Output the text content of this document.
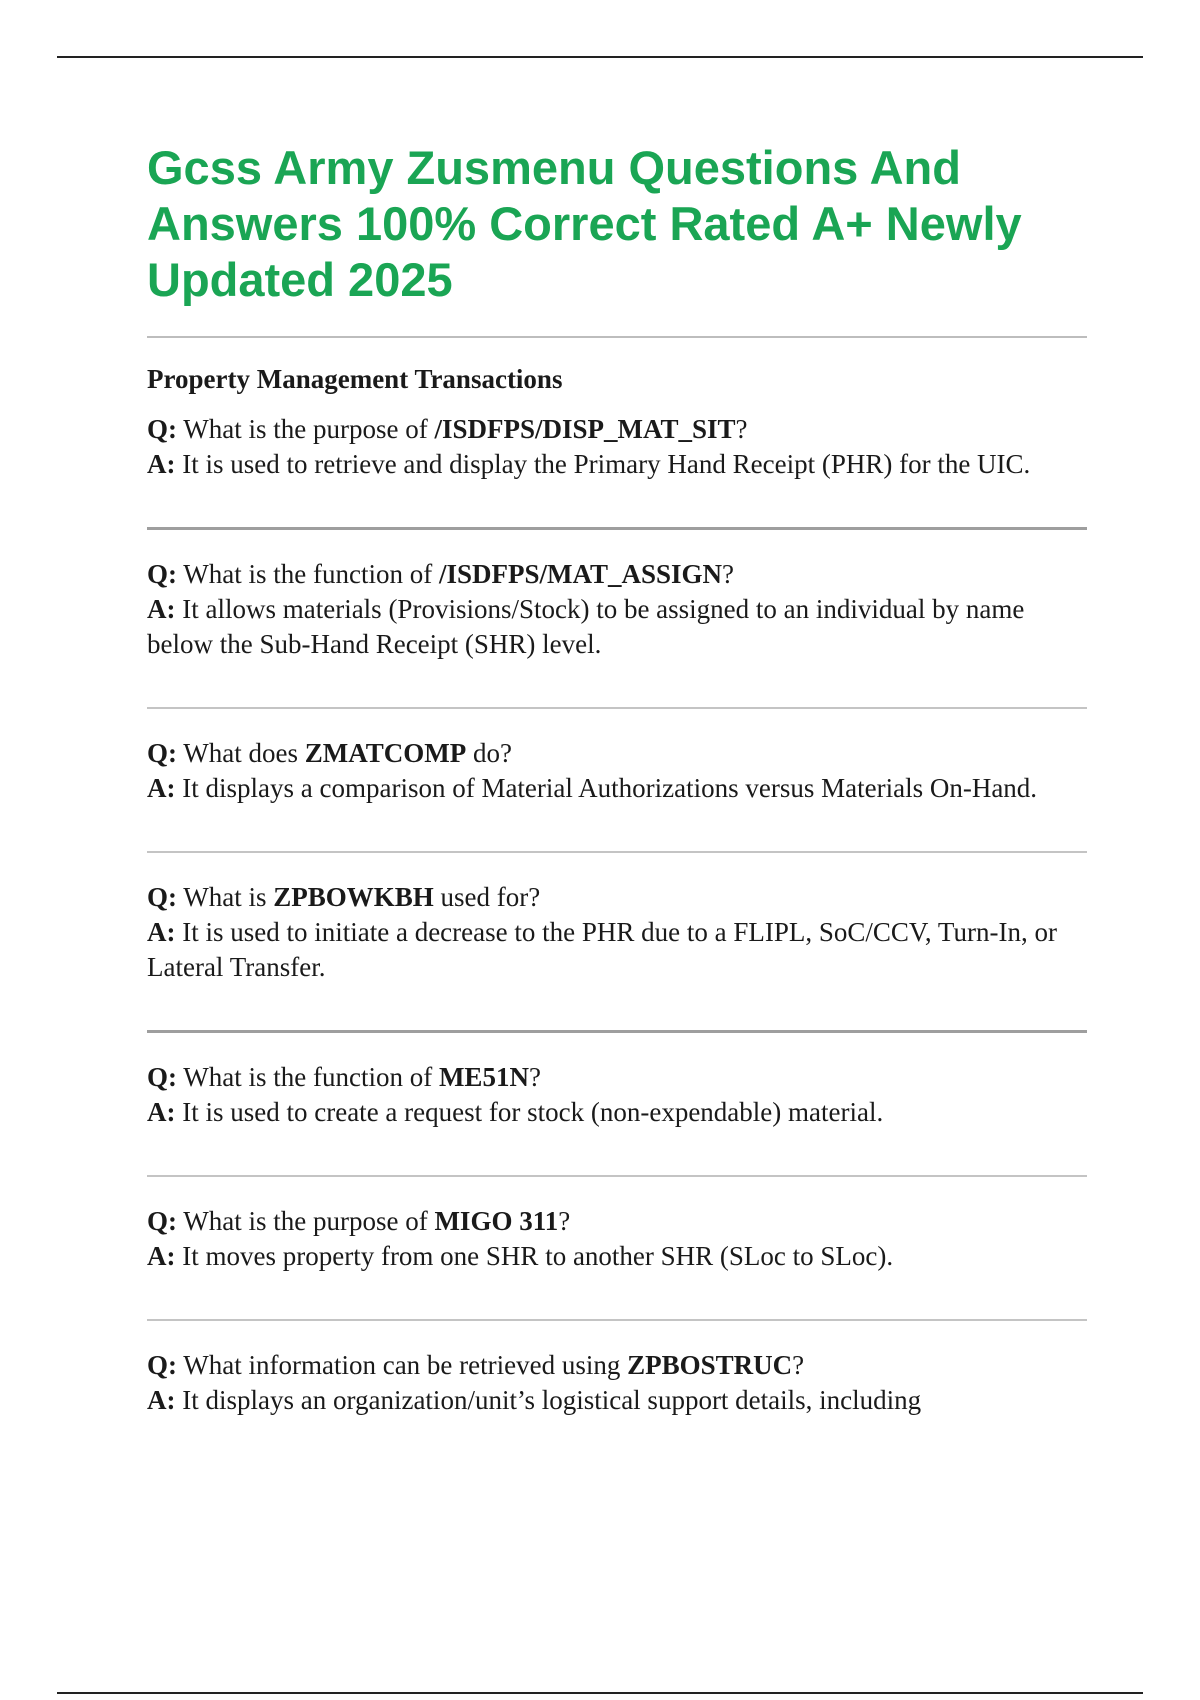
Gcss Army Zusmenu Questions And Answers 100% Correct Rated A+ Newly Updated 2025
Property Management Transactions

Q: What is the purpose of /ISDFPS/DISP_MAT_SIT?

A: It is used to retrieve and display the Primary Hand Receipt (PHR) for the UIC.

Q: What is the function of /ISDFPS/MAT_ASSIGN?

A: It allows materials (Provisions/Stock) to be assigned to an individual by name below the Sub-Hand Receipt (SHR) level.

Q: What does ZMATCOMP do?

A: It displays a comparison of Material Authorizations versus Materials On-Hand.

Q: What is ZPBOWKBH used for?

A: It is used to initiate a decrease to the PHR due to a FLIPL, SoC/CCV, Turn-In, or Lateral Transfer.

Q: What is the function of ME51N?

A: It is used to create a request for stock (non-expendable) material.

Q: What is the purpose of MIGO 311?

A: It moves property from one SHR to another SHR (SLoc to SLoc).

Q: What information can be retrieved using ZPBOSTRUC?

A: It displays an organization/unit’s logistical support details, including
